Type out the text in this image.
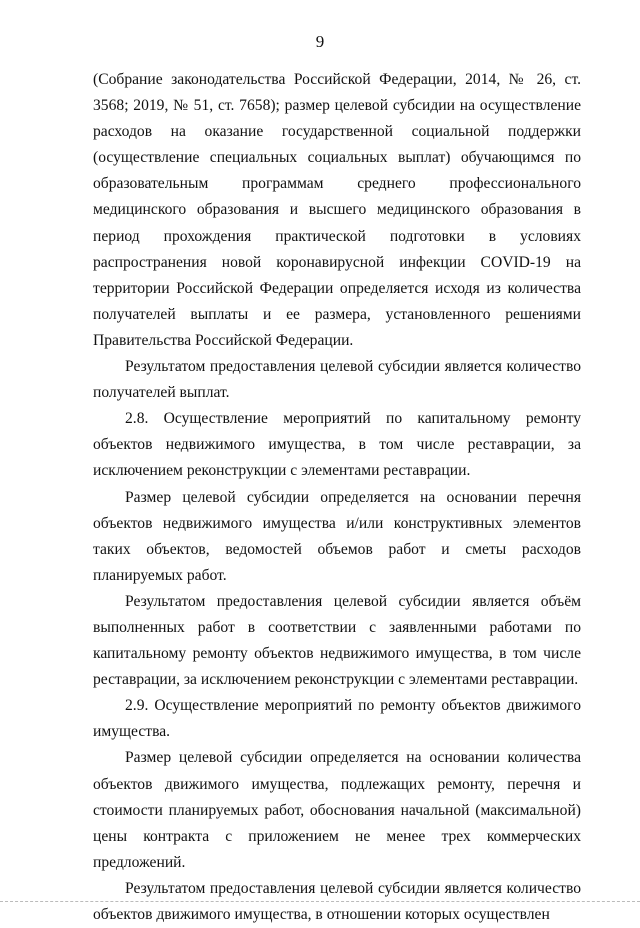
9

(Собрание законодательства Российской Федерации, 2014, № 26, ст. 3568; 2019, № 51, ст. 7658); размер целевой субсидии на осуществление расходов на оказание государственной социальной поддержки (осуществление специальных социальных выплат) обучающимся по образовательным программам среднего профессионального медицинского образования и высшего медицинского образования в период прохождения практической подготовки в условиях распространения новой коронавирусной инфекции COVID-19 на территории Российской Федерации определяется исходя из количества получателей выплаты и ее размера, установленного решениями Правительства Российской Федерации.

Результатом предоставления целевой субсидии является количество получателей выплат.

2.8. Осуществление мероприятий по капитальному ремонту объектов недвижимого имущества, в том числе реставрации, за исключением реконструкции с элементами реставрации.

Размер целевой субсидии определяется на основании перечня объектов недвижимого имущества и/или конструктивных элементов таких объектов, ведомостей объемов работ и сметы расходов планируемых работ.

Результатом предоставления целевой субсидии является объём выполненных работ в соответствии с заявленными работами по капитальному ремонту объектов недвижимого имущества, в том числе реставрации, за исключением реконструкции с элементами реставрации.

2.9. Осуществление мероприятий по ремонту объектов движимого имущества.

Размер целевой субсидии определяется на основании количества объектов движимого имущества, подлежащих ремонту, перечня и стоимости планируемых работ, обоснования начальной (максимальной) цены контракта с приложением не менее трех коммерческих предложений.

Результатом предоставления целевой субсидии является количество объектов движимого имущества, в отношении которых осуществлен
